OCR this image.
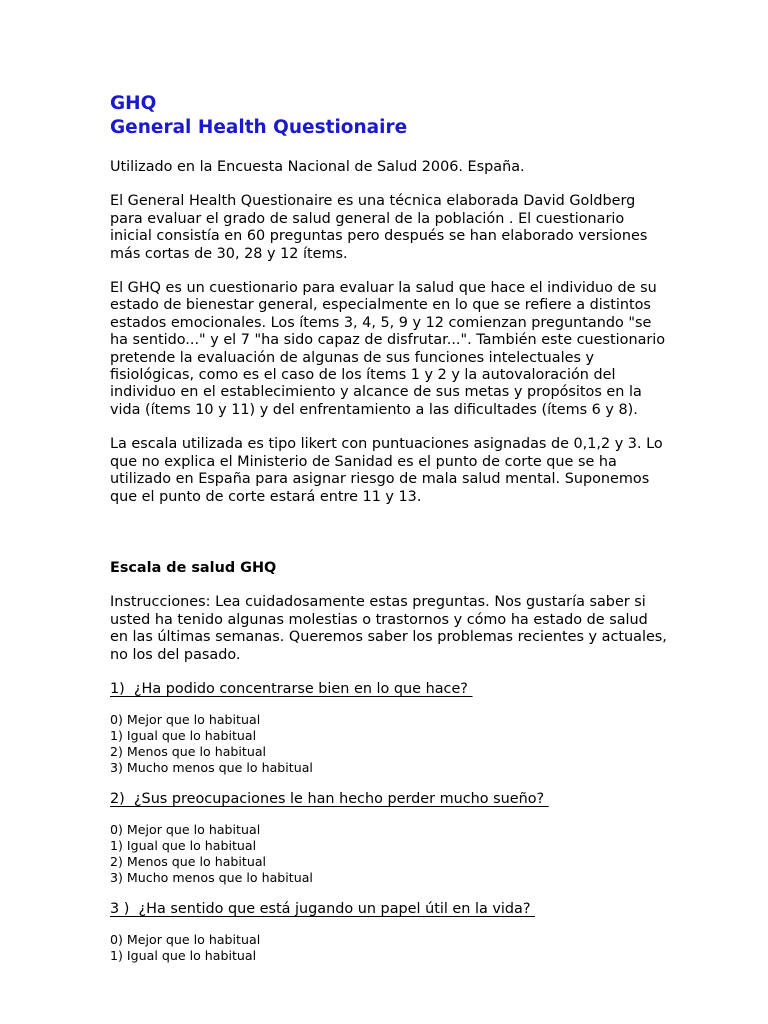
GHQ
General Health Questionaire

Utilizado en la Encuesta Nacional de Salud 2006. España.

El General Health Questionaire es una técnica elaborada David Goldberg para evaluar el grado de salud general de la población . El cuestionario inicial consistía en 60 preguntas pero después se han elaborado versiones más cortas de 30, 28 y 12 ítems.

El GHQ es un cuestionario para evaluar la salud que hace el individuo de su estado de bienestar general, especialmente en lo que se refiere a distintos estados emocionales. Los ítems 3, 4, 5, 9 y 12 comienzan preguntando "se ha sentido..." y el 7 "ha sido capaz de disfrutar...". También este cuestionario pretende la evaluación de algunas de sus funciones intelectuales y fisiológicas, como es el caso de los ítems 1 y 2 y la autovaloración del individuo en el establecimiento y alcance de sus metas y propósitos en la vida (ítems 10 y 11) y del enfrentamiento a las dificultades (ítems 6 y 8).

La escala utilizada es tipo likert con puntuaciones asignadas de 0,1,2 y 3. Lo que no explica el Ministerio de Sanidad es el punto de corte que se ha utilizado en España para asignar riesgo de mala salud mental. Suponemos que el punto de corte estará entre 11 y 13.

Escala de salud GHQ

Instrucciones: Lea cuidadosamente estas preguntas. Nos gustaría saber si usted ha tenido algunas molestias o trastornos y cómo ha estado de salud en las últimas semanas. Queremos saber los problemas recientes y actuales, no los del pasado.

1)  ¿Ha podido concentrarse bien en lo que hace?

0) Mejor que lo habitual
1) Igual que lo habitual
2) Menos que lo habitual
3) Mucho menos que lo habitual

2)  ¿Sus preocupaciones le han hecho perder mucho sueño?

0) Mejor que lo habitual
1) Igual que lo habitual
2) Menos que lo habitual
3) Mucho menos que lo habitual

3 )  ¿Ha sentido que está jugando un papel útil en la vida?

0) Mejor que lo habitual
1) Igual que lo habitual
